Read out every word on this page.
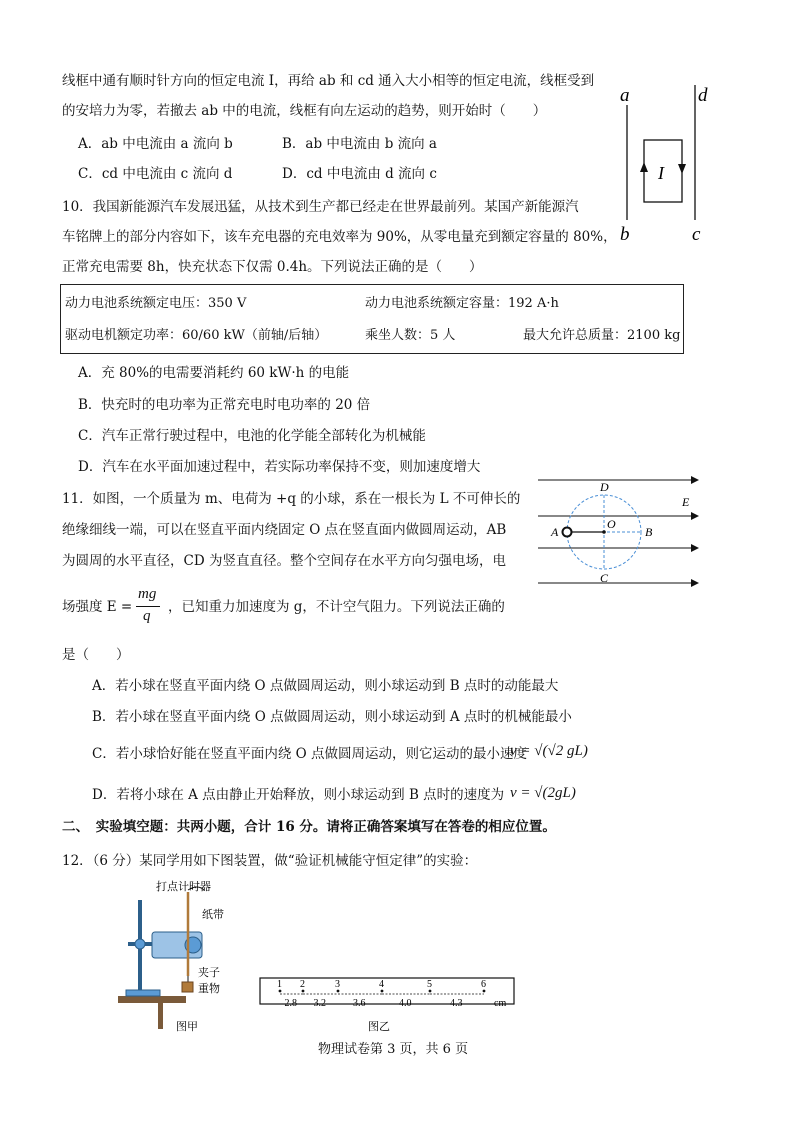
线框中通有顺时针方向的恒定电流 I，再给 ab 和 cd 通入大小相等的恒定电流，线框受到
的安培力为零，若撤去 ab 中的电流，线框有向左运动的趋势，则开始时（　　）
A．ab 中电流由 a 流向 b	B．ab 中电流由 b 流向 a
C．cd 中电流由 c 流向 d	D．cd 中电流由 d 流向 c
a	d
b	c
I
10．我国新能源汽车发展迅猛，从技术到生产都已经走在世界最前列。某国产新能源汽
车铭牌上的部分内容如下，该车充电器的充电效率为 90%，从零电量充到额定容量的 80%，
正常充电需要 8h，快充状态下仅需 0.4h。下列说法正确的是（　　）
动力电池系统额定电压：350 V	动力电池系统额定容量：192 A·h
驱动电机额定功率：60/60 kW（前轴/后轴）	乘坐人数：5 人	最大允许总质量：2100 kg
A．充 80%的电需要消耗约 60 kW·h 的电能
B．快充时的电功率为正常充电时电功率的 20 倍
C．汽车正常行驶过程中，电池的化学能全部转化为机械能
D．汽车在水平面加速过程中，若实际功率保持不变，则加速度增大
11．如图，一个质量为 m、电荷为 +q 的小球，系在一根长为 L 不可伸长的
绝缘细线一端，可以在竖直平面内绕固定 O 点在竖直面内做圆周运动，AB
为圆周的水平直径，CD 为竖直直径。整个空间存在水平方向匀强电场，电
场强度 E =
mg
q
，已知重力加速度为 g，不计空气阻力。下列说法正确的
是（　　）
D
C
A	B
O
E
A．若小球在竖直平面内绕 O 点做圆周运动，则小球运动到 B 点时的动能最大
B．若小球在竖直平面内绕 O 点做圆周运动，则小球运动到 A 点时的机械能最小
C．若小球恰好能在竖直平面内绕 O 点做圆周运动，则它运动的最小速度
v = √(√2 gL)
D．若将小球在 A 点由静止开始释放，则小球运动到 B 点时的速度为 v = √(2gL)
二、　实验填空题：共两小题，合计 16 分。请将正确答案填写在答卷的相应位置。
12．（6 分）某同学用如下图装置，做“验证机械能守恒定律”的实验：
打点计时器
纸带
夹子
重物
图甲
1 2	3	4	5	6
2.8 3.2	3.6	4.0	4.3	cm
图乙
物理试卷第 3 页，共 6 页
